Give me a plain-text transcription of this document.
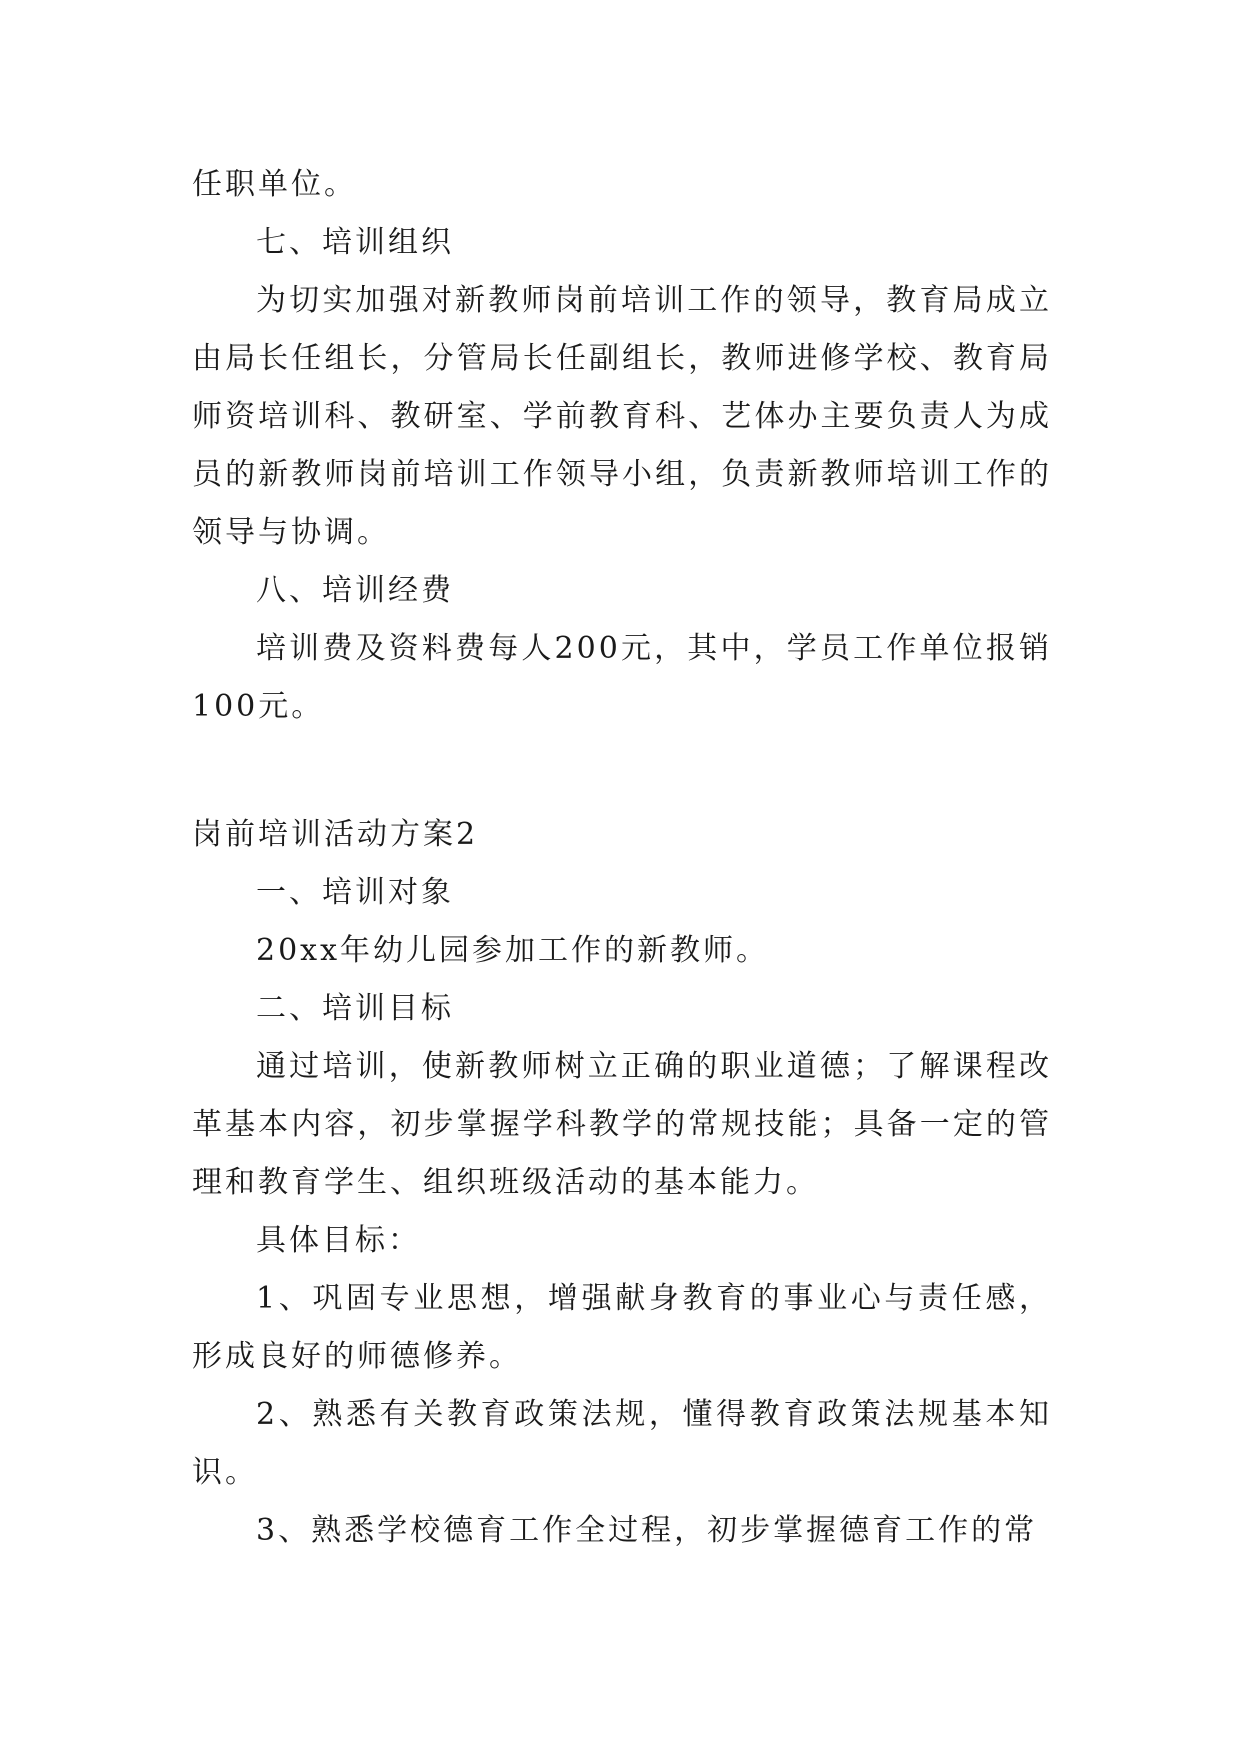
任职单位。

七、培训组织

为切实加强对新教师岗前培训工作的领导，教育局成立由局长任组长，分管局长任副组长，教师进修学校、教育局师资培训科、教研室、学前教育科、艺体办主要负责人为成员的新教师岗前培训工作领导小组，负责新教师培训工作的领导与协调。

八、培训经费

培训费及资料费每人200元，其中，学员工作单位报销100元。

岗前培训活动方案2

一、培训对象

20xx年幼儿园参加工作的新教师。

二、培训目标

通过培训，使新教师树立正确的职业道德；了解课程改革基本内容，初步掌握学科教学的常规技能；具备一定的管理和教育学生、组织班级活动的基本能力。

具体目标：

1、巩固专业思想，增强献身教育的事业心与责任感，形成良好的师德修养。

2、熟悉有关教育政策法规，懂得教育政策法规基本知识。

3、熟悉学校德育工作全过程，初步掌握德育工作的常
